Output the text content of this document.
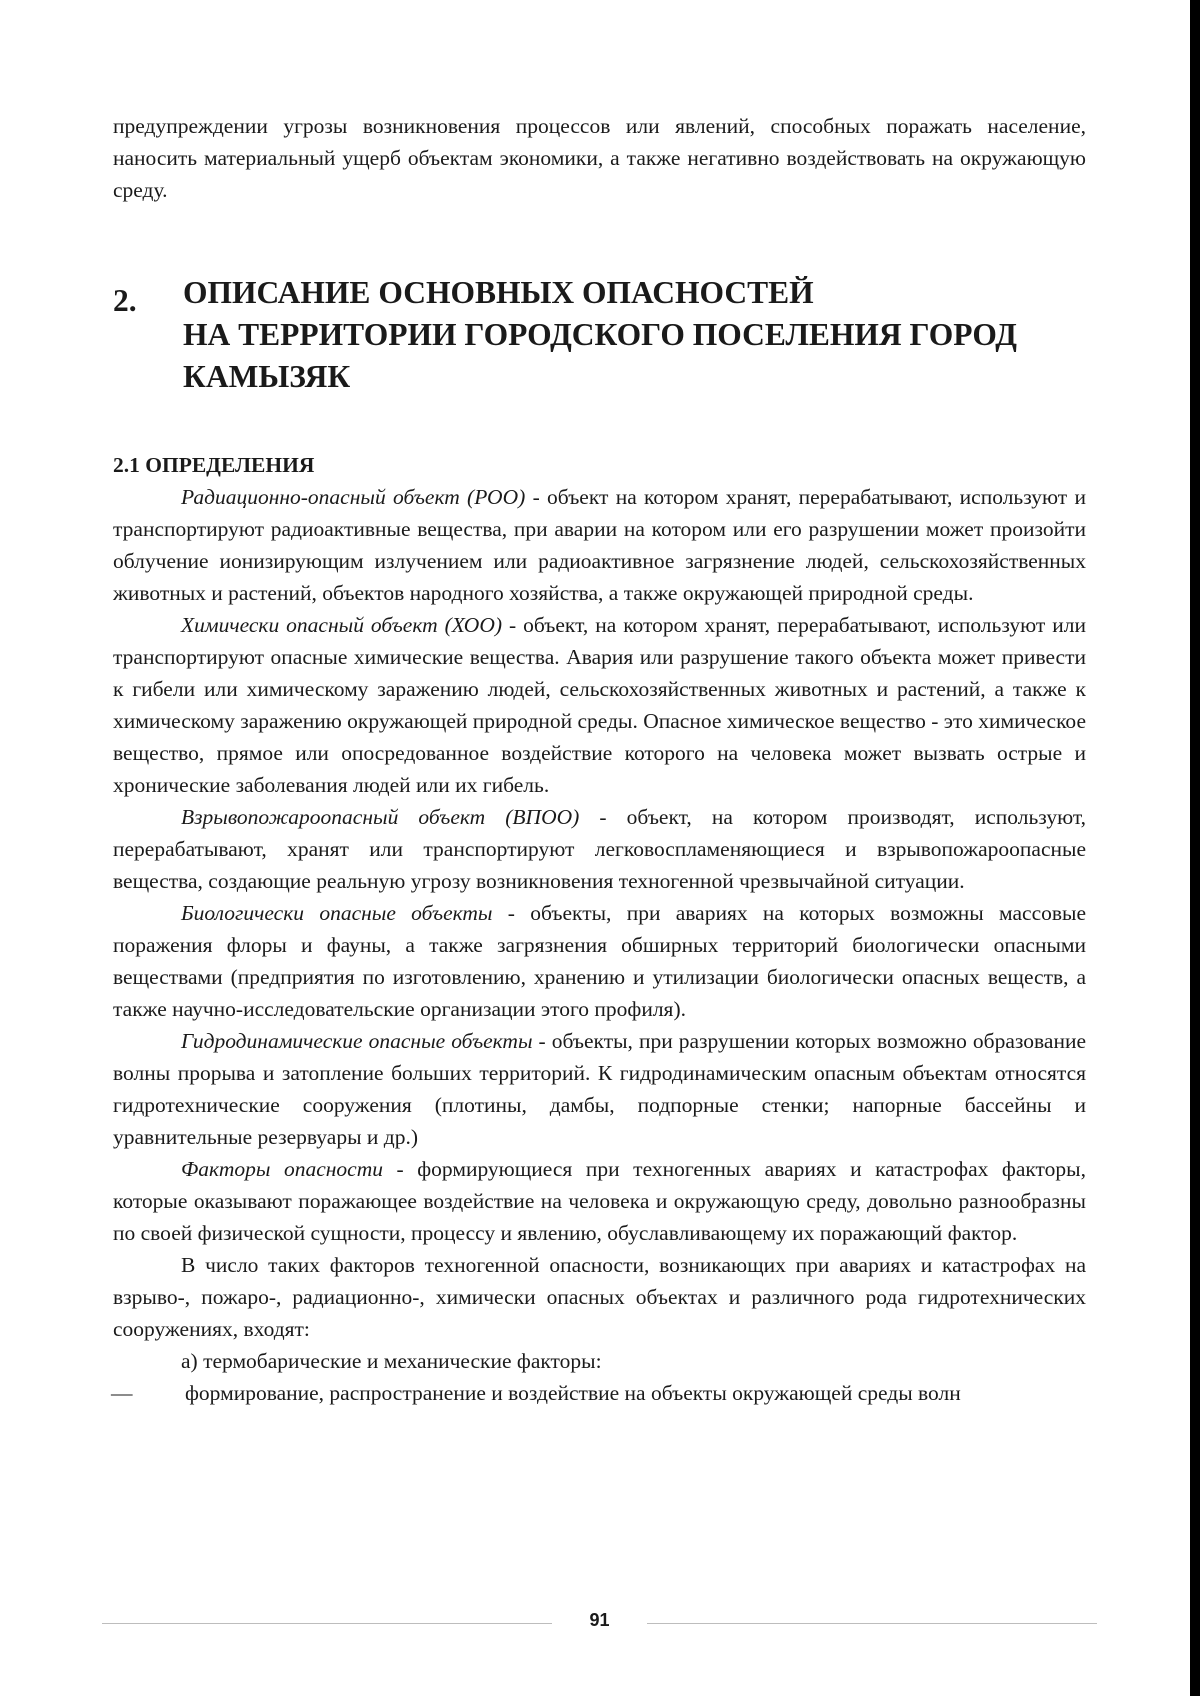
предупреждении угрозы возникновения процессов или явлений, способных поражать население, наносить материальный ущерб объектам экономики, а также негативно воздействовать на окружающую среду.

2. ОПИСАНИЕ ОСНОВНЫХ ОПАСНОСТЕЙ
НА ТЕРРИТОРИИ ГОРОДСКОГО ПОСЕЛЕНИЯ ГОРОД
КАМЫЗЯК
2.1 ОПРЕДЕЛЕНИЯ

Радиационно-опасный объект (РОО) - объект на котором хранят, перерабатывают, используют и транспортируют радиоактивные вещества, при аварии на котором или его разрушении может произойти облучение ионизирующим излучением или радиоактивное загрязнение людей, сельскохозяйственных животных и растений, объектов народного хозяйства, а также окружающей природной среды.

Химически опасный объект (ХОО) - объект, на котором хранят, перерабатывают, используют или транспортируют опасные химические вещества. Авария или разрушение такого объекта может привести к гибели или химическому заражению людей, сельскохозяйственных животных и растений, а также к химическому заражению окружающей природной среды. Опасное химическое вещество - это химическое вещество, прямое или опосредованное воздействие которого на человека может вызвать острые и хронические заболевания людей или их гибель.

Взрывопожароопасный объект (ВПОО) - объект, на котором производят, используют, перерабатывают, хранят или транспортируют легковоспламеняющиеся и взрывопожароопасные вещества, создающие реальную угрозу возникновения техногенной чрезвычайной ситуации.

Биологически опасные объекты - объекты, при авариях на которых возможны массовые поражения флоры и фауны, а также загрязнения обширных территорий биологически опасными веществами (предприятия по изготовлению, хранению и утилизации биологически опасных веществ, а также научно-исследовательские организации этого профиля).

Гидродинамические опасные объекты - объекты, при разрушении которых возможно образование волны прорыва и затопление больших территорий. К гидродинамическим опасным объектам относятся гидротехнические сооружения (плотины, дамбы, подпорные стенки; напорные бассейны и уравнительные резервуары и др.)

Факторы опасности - формирующиеся при техногенных авариях и катастрофах факторы, которые оказывают поражающее воздействие на человека и окружающую среду, довольно разнообразны по своей физической сущности, процессу и явлению, обуславливающему их поражающий фактор.

В число таких факторов техногенной опасности, возникающих при авариях и катастрофах на взрыво-, пожаро-, радиационно-, химически опасных объектах и различного рода гидротехнических сооружениях, входят:

а) термобарические и механические факторы:

— формирование, распространение и воздействие на объекты окружающей среды волн
91
